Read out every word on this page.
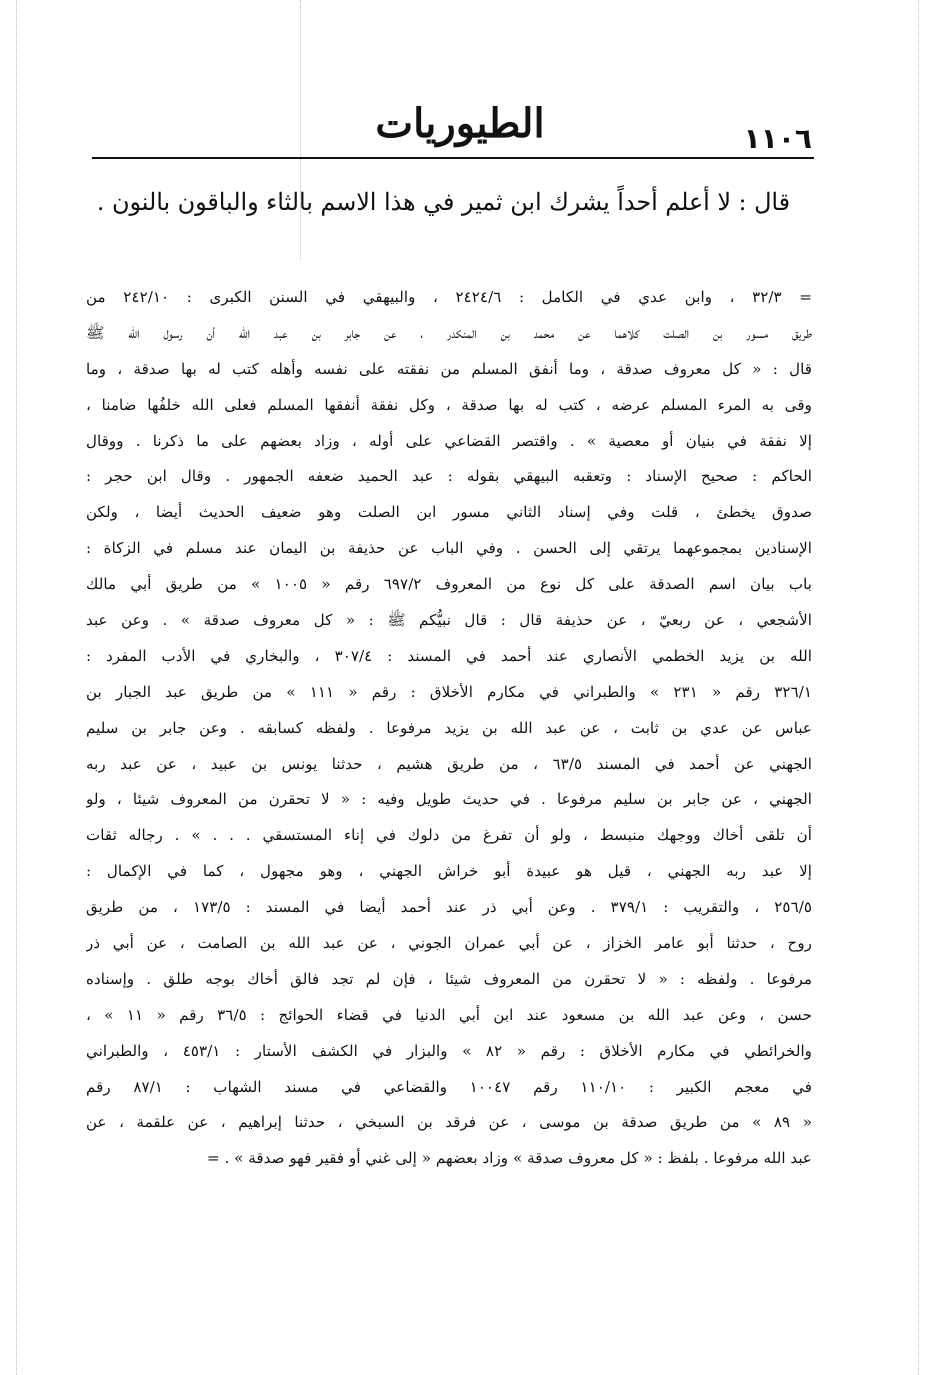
١١٠٦
الطيوريات
قال : لا أعلم أحداً يشرك ابن ثمير في هذا الاسم بالثاء والباقون بالنون .
= ٣٢/٣ ، وابن عدي في الكامل : ٢٤٢٤/٦ ، والبيهقي في السنن الكبرى : ٢٤٢/١٠ من
طريق مسور بن الصلت كلاهما عن محمد بن المنكدر ، عن جابر بن عبد الله أن رسول الله ﷺ
قال : « كل معروف صدقة ، وما أنفق المسلم من نفقته على نفسه وأهله كتب له بها صدقة ، وما
وقى به المرء المسلم عرضه ، كتب له بها صدقة ، وكل نفقة أنفقها المسلم فعلى الله خلفُها ضامنا ،
إلا نفقة في بنيان أو معصية » . واقتصر القضاعي على أوله ، وزاد بعضهم على ما ذكرنا . ووقال
الحاكم : صحيح الإسناد : وتعقبه البيهقي بقوله : عبد الحميد ضعفه الجمهور . وقال ابن حجر :
صدوق يخطئ ، قلت وفي إسناد الثاني مسور ابن الصلت وهو ضعيف الحديث أيضا ، ولكن
الإسنادين بمجموعهما يرتقي إلى الحسن . وفي الباب عن حذيفة بن اليمان عند مسلم في الزكاة :
باب بيان اسم الصدقة على كل نوع من المعروف ٦٩٧/٢ رقم « ١٠٠٥ » من طريق أبي مالك
الأشجعي ، عن ربعيّ ، عن حذيفة قال : قال نبيُّكم ﷺ : « كل معروف صدقة » . وعن عبد
الله بن يزيد الخطمي الأنصاري عند أحمد في المسند : ٣٠٧/٤ ، والبخاري في الأدب المفرد :
٣٢٦/١ رقم « ٢٣١ » والطبراني في مكارم الأخلاق : رقم « ١١١ » من طريق عبد الجبار بن
عباس عن عدي بن ثابت ، عن عبد الله بن يزيد مرفوعا . ولفظه كسابقه . وعن جابر بن سليم
الجهني عن أحمد في المسند ٦٣/٥ ، من طريق هشيم ، حدثنا يونس بن عبيد ، عن عبد ربه
الجهني ، عن جابر بن سليم مرفوعا . في حديث طويل وفيه : « لا تحقرن من المعروف شيئا ، ولو
أن تلقى أخاك ووجهك منبسط ، ولو أن تفرغ من دلوك في إناء المستسقي . . . » . رجاله ثقات
إلا عبد ربه الجهني ، قيل هو عبيدة أبو خراش الجهني ، وهو مجهول ، كما في الإكمال :
٢٥٦/٥ ، والتقريب : ٣٧٩/١ . وعن أبي ذر عند أحمد أيضا في المسند : ١٧٣/٥ ، من طريق
روح ، حدثنا أبو عامر الخزاز ، عن أبي عمران الجوني ، عن عبد الله بن الصامت ، عن أبي ذر
مرفوعا . ولفظه : « لا تحقرن من المعروف شيئا ، فإن لم تجد فالق أخاك بوجه طلق . وإسناده
حسن ، وعن عبد الله بن مسعود عند ابن أبي الدنيا في قضاء الحوائج : ٣٦/٥ رقم « ١١ » ،
والخرائطي في مكارم الأخلاق : رقم « ٨٢ » والبزار في الكشف الأستار : ٤٥٣/١ ، والطبراني
في معجم الكبير : ١١٠/١٠ رقم ١٠٠٤٧ والقضاعي في مسند الشهاب : ٨٧/١ رقم
« ٨٩ » من طريق صدقة بن موسى ، عن فرقد بن السبخي ، حدثنا إبراهيم ، عن علقمة ، عن
عبد الله مرفوعا . بلفظ : « كل معروف صدقة » وزاد بعضهم « إلى غني أو فقير فهو صدقة » . =
